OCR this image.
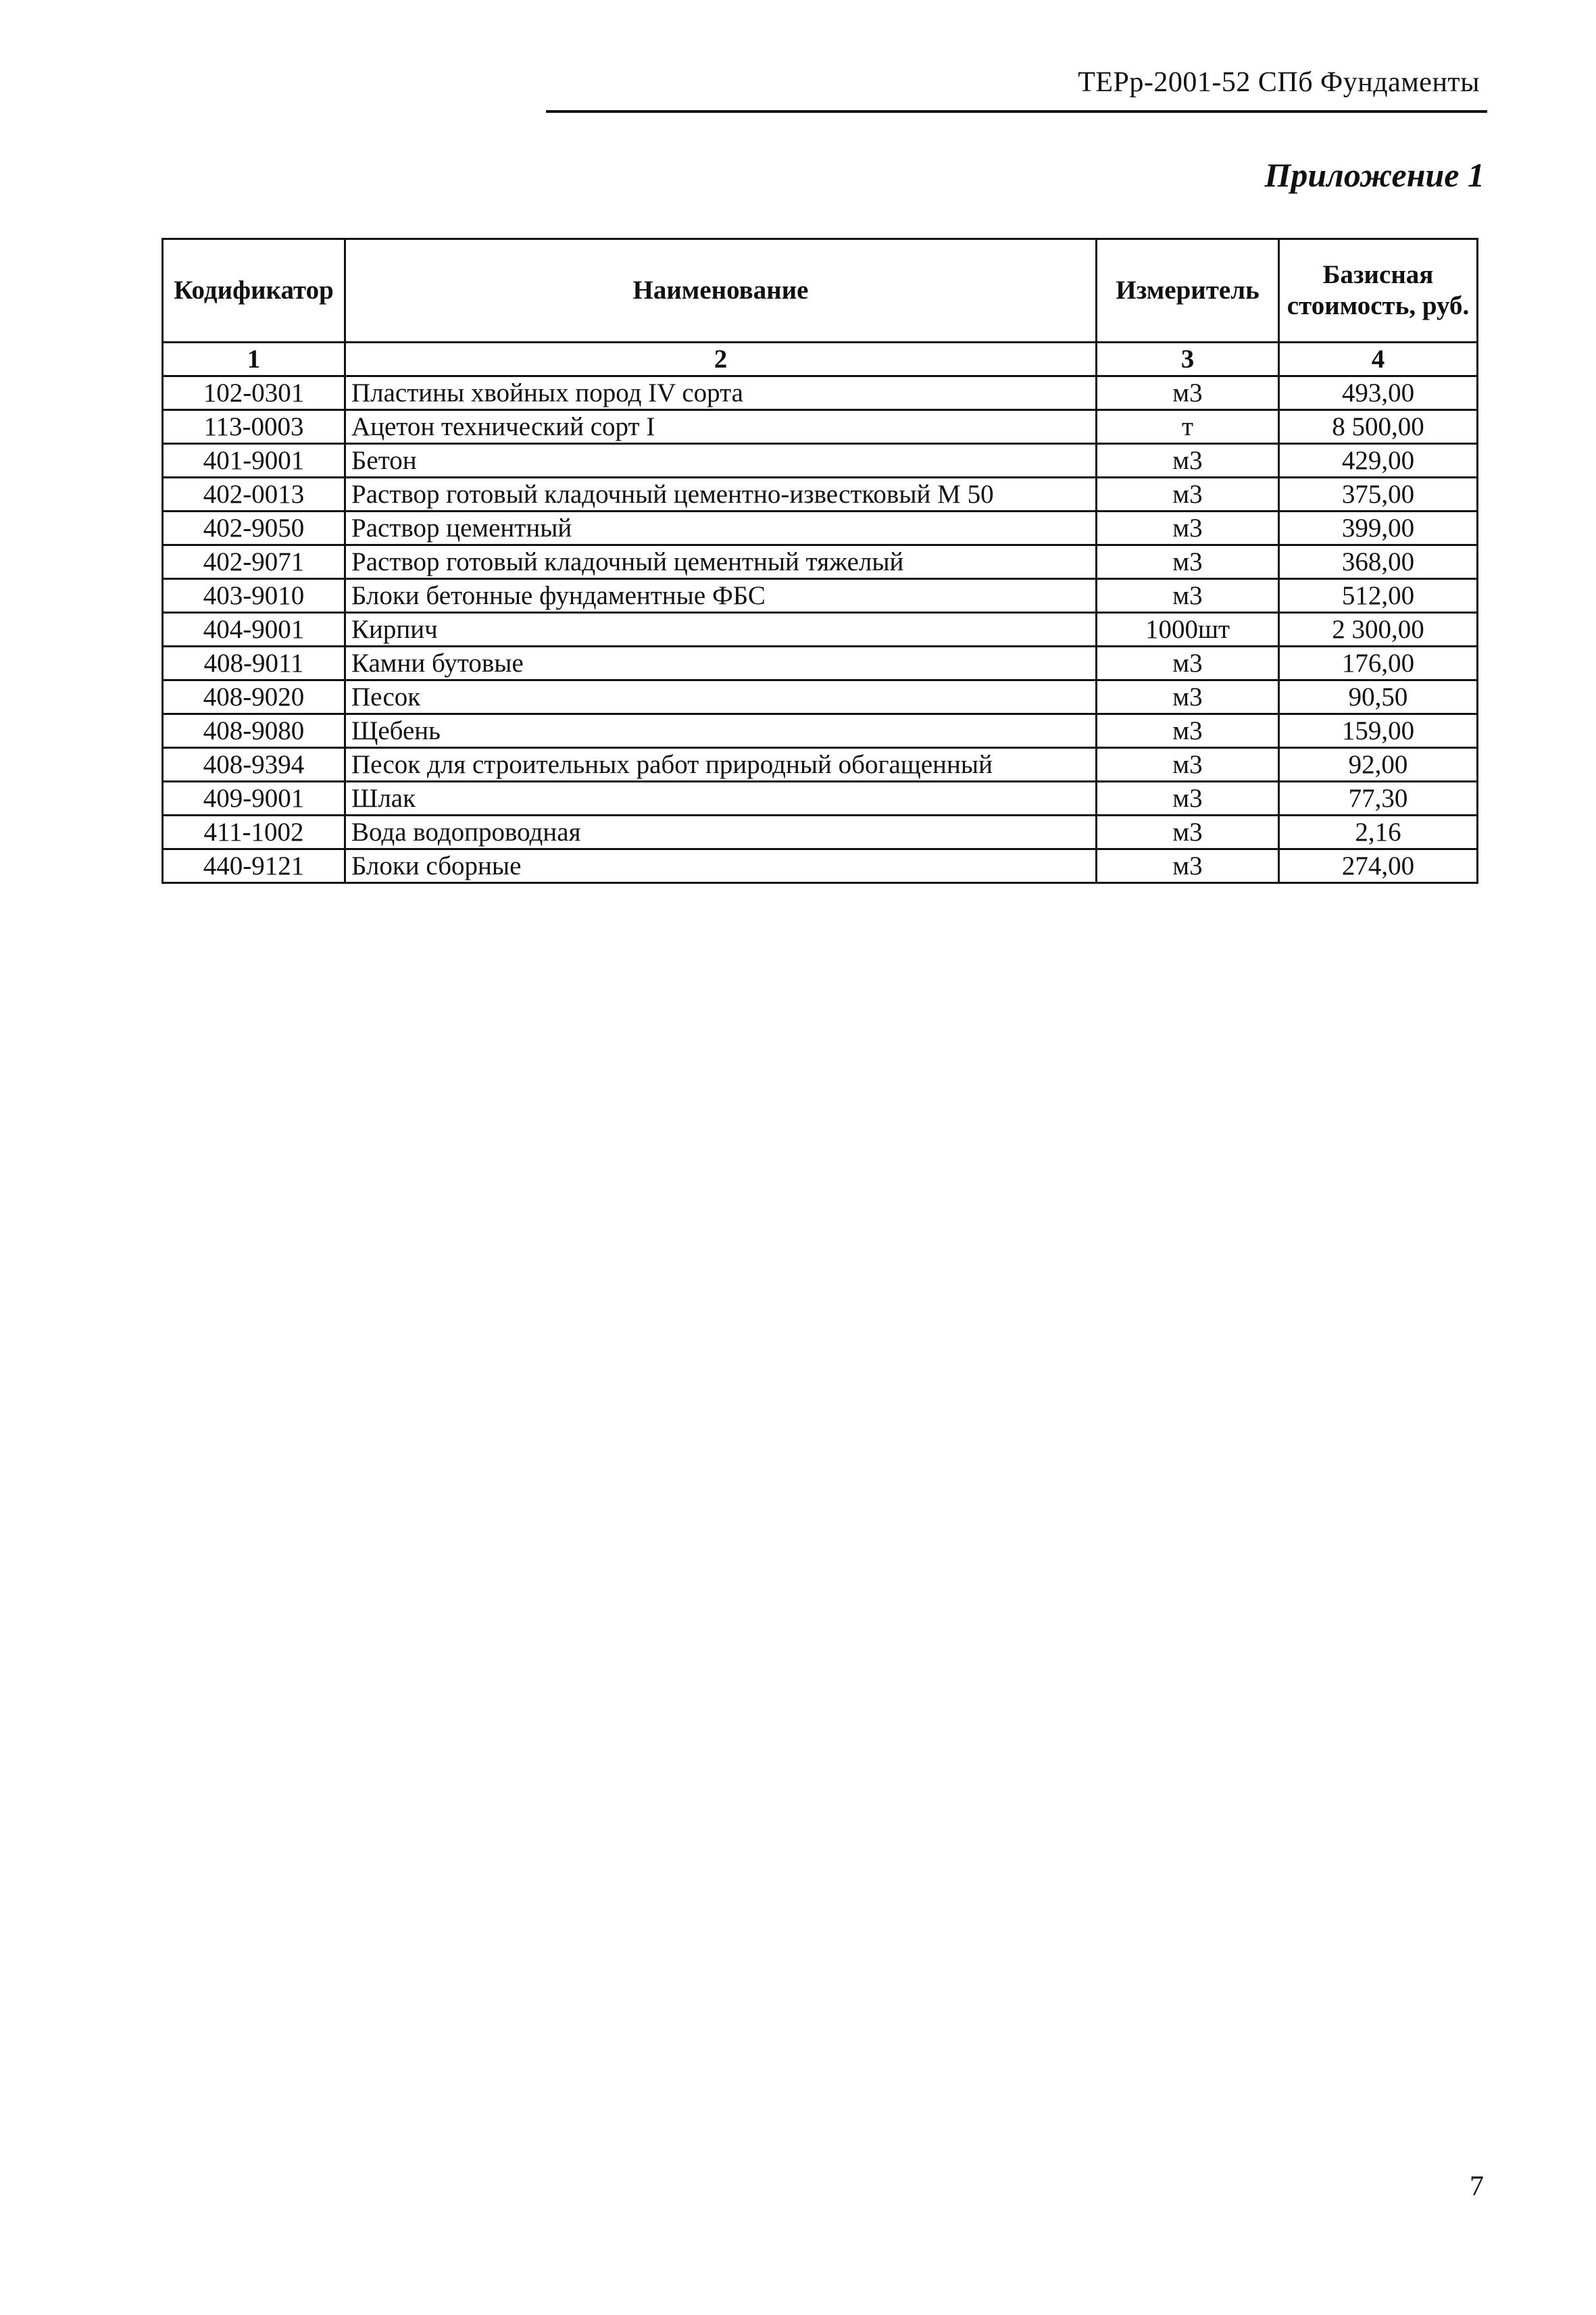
ТЕРр-2001-52 СПб Фундаменты
Приложение 1
Кодификатор	Наименование	Измеритель	Базисная стоимость, руб.
1	2	3	4
102-0301	Пластины хвойных пород IV сорта	м3	493,00
113-0003	Ацетон технический сорт I	т	8 500,00
401-9001	Бетон	м3	429,00
402-0013	Раствор готовый кладочный цементно-известковый М 50	м3	375,00
402-9050	Раствор цементный	м3	399,00
402-9071	Раствор готовый кладочный цементный тяжелый	м3	368,00
403-9010	Блоки бетонные фундаментные ФБС	м3	512,00
404-9001	Кирпич	1000шт	2 300,00
408-9011	Камни бутовые	м3	176,00
408-9020	Песок	м3	90,50
408-9080	Щебень	м3	159,00
408-9394	Песок для строительных работ природный обогащенный	м3	92,00
409-9001	Шлак	м3	77,30
411-1002	Вода водопроводная	м3	2,16
440-9121	Блоки сборные	м3	274,00
7
